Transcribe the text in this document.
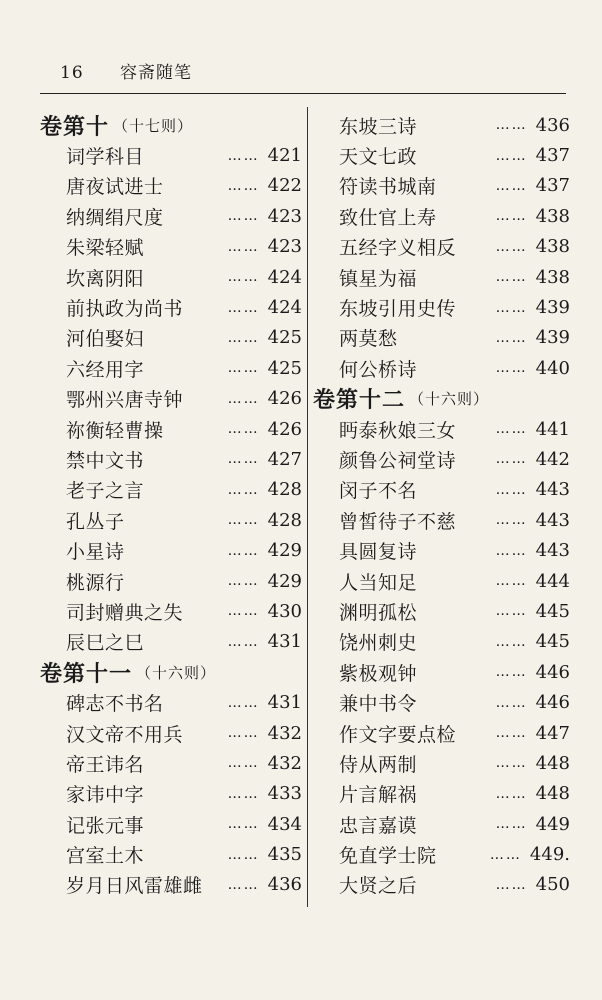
16 容斋随笔
卷第十 （十七则）
词学科目	…… 421
唐夜试进士	…… 422
纳绸绢尺度	…… 423
朱梁轻赋	…… 423
坎离阴阳	…… 424
前执政为尚书	…… 424
河伯娶妇	…… 425
六经用字	…… 425
鄂州兴唐寺钟	…… 426
祢衡轻曹操	…… 426
禁中文书	…… 427
老子之言	…… 428
孔丛子	…… 428
小星诗	…… 429
桃源行	…… 429
司封赠典之失	…… 430
辰巳之巳	…… 431
卷第十一 （十六则）
碑志不书名	…… 431
汉文帝不用兵	…… 432
帝王讳名	…… 432
家讳中字	…… 433
记张元事	…… 434
宫室土木	…… 435
岁月日风雷雄雌	…… 436
东坡三诗	…… 436
天文七政	…… 437
符读书城南	…… 437
致仕官上寿	…… 438
五经字义相反	…… 438
镇星为福	…… 438
东坡引用史传	…… 439
两莫愁	…… 439
何公桥诗	…… 440
卷第十二 （十六则）
眄泰秋娘三女	…… 441
颜鲁公祠堂诗	…… 442
闵子不名	…… 443
曾皙待子不慈	…… 443
具圆复诗	…… 443
人当知足	…… 444
渊明孤松	…… 445
饶州刺史	…… 445
紫极观钟	…… 446
兼中书令	…… 446
作文字要点检	…… 447
侍从两制	…… 448
片言解祸	…… 448
忠言嘉谟	…… 449
免直学士院	…… 449.
大贤之后	…… 450
